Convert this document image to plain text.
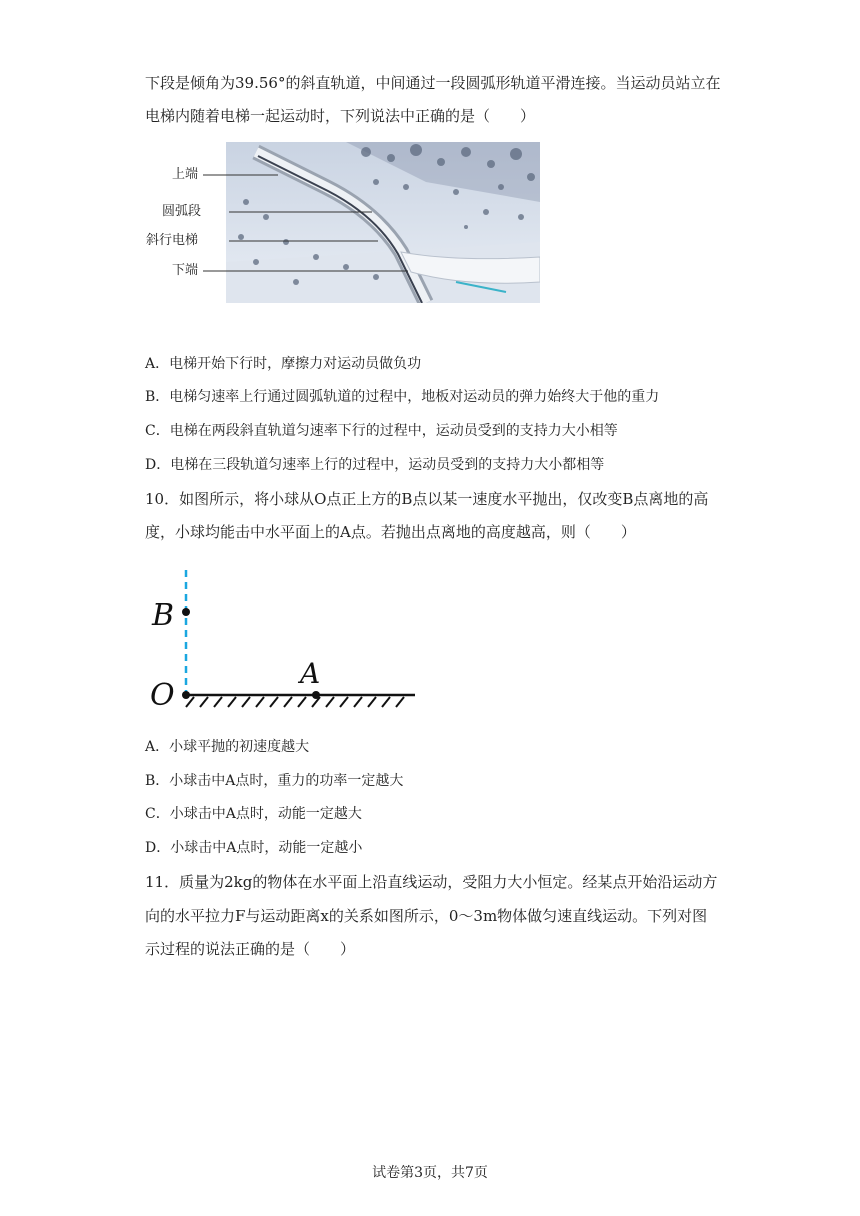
下段是倾角为39.56°的斜直轨道，中间通过一段圆弧形轨道平滑连接。当运动员站立在
电梯内随着电梯一起运动时，下列说法中正确的是（　　）
上端
圆弧段
斜行电梯
下端
A．电梯开始下行时，摩擦力对运动员做负功
B．电梯匀速率上行通过圆弧轨道的过程中，地板对运动员的弹力始终大于他的重力
C．电梯在两段斜直轨道匀速率下行的过程中，运动员受到的支持力大小相等
D．电梯在三段轨道匀速率上行的过程中，运动员受到的支持力大小都相等
10．如图所示，将小球从O点正上方的B点以某一速度水平抛出，仅改变B点离地的高
度，小球均能击中水平面上的A点。若抛出点离地的高度越高，则（　　）
B
O
A
A．小球平抛的初速度越大
B．小球击中A点时，重力的功率一定越大
C．小球击中A点时，动能一定越大
D．小球击中A点时，动能一定越小
11．质量为2kg的物体在水平面上沿直线运动，受阻力大小恒定。经某点开始沿运动方
向的水平拉力F与运动距离x的关系如图所示，0～3m物体做匀速直线运动。下列对图
示过程的说法正确的是（　　）
试卷第3页，共7页
